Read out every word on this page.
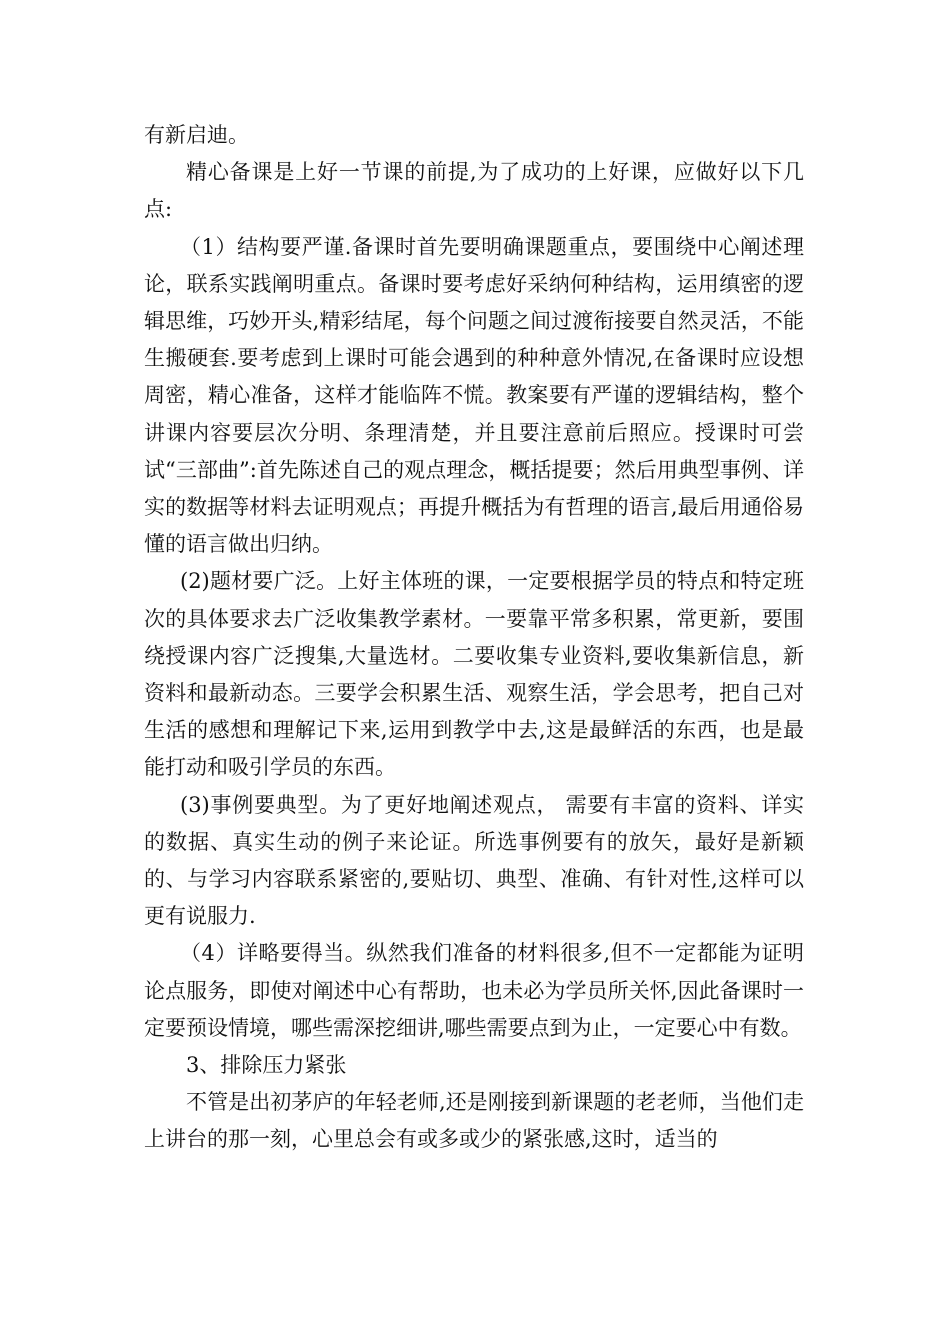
有新启迪。

精心备课是上好一节课的前提,为了成功的上好课，应做好以下几点:

（1）结构要严谨.备课时首先要明确课题重点，要围绕中心阐述理论，联系实践阐明重点。备课时要考虑好采纳何种结构，运用缜密的逻辑思维，巧妙开头,精彩结尾，每个问题之间过渡衔接要自然灵活，不能生搬硬套.要考虑到上课时可能会遇到的种种意外情况,在备课时应设想周密，精心准备，这样才能临阵不慌。教案要有严谨的逻辑结构，整个讲课内容要层次分明、条理清楚，并且要注意前后照应。授课时可尝试“三部曲”:首先陈述自己的观点理念，概括提要；然后用典型事例、详实的数据等材料去证明观点；再提升概括为有哲理的语言,最后用通俗易懂的语言做出归纳。

(2)题材要广泛。上好主体班的课，一定要根据学员的特点和特定班次的具体要求去广泛收集教学素材。一要靠平常多积累，常更新，要围绕授课内容广泛搜集,大量选材。二要收集专业资料,要收集新信息，新资料和最新动态。三要学会积累生活、观察生活，学会思考，把自己对生活的感想和理解记下来,运用到教学中去,这是最鲜活的东西，也是最能打动和吸引学员的东西。

(3)事例要典型。为了更好地阐述观点， 需要有丰富的资料、详实的数据、真实生动的例子来论证。所选事例要有的放矢，最好是新颖的、与学习内容联系紧密的,要贴切、典型、准确、有针对性,这样可以更有说服力.

（4）详略要得当。纵然我们准备的材料很多,但不一定都能为证明论点服务，即使对阐述中心有帮助，也未必为学员所关怀,因此备课时一定要预设情境，哪些需深挖细讲,哪些需要点到为止，一定要心中有数。

3、排除压力紧张

不管是出初茅庐的年轻老师,还是刚接到新课题的老老师，当他们走上讲台的那一刻，心里总会有或多或少的紧张感,这时，适当的
